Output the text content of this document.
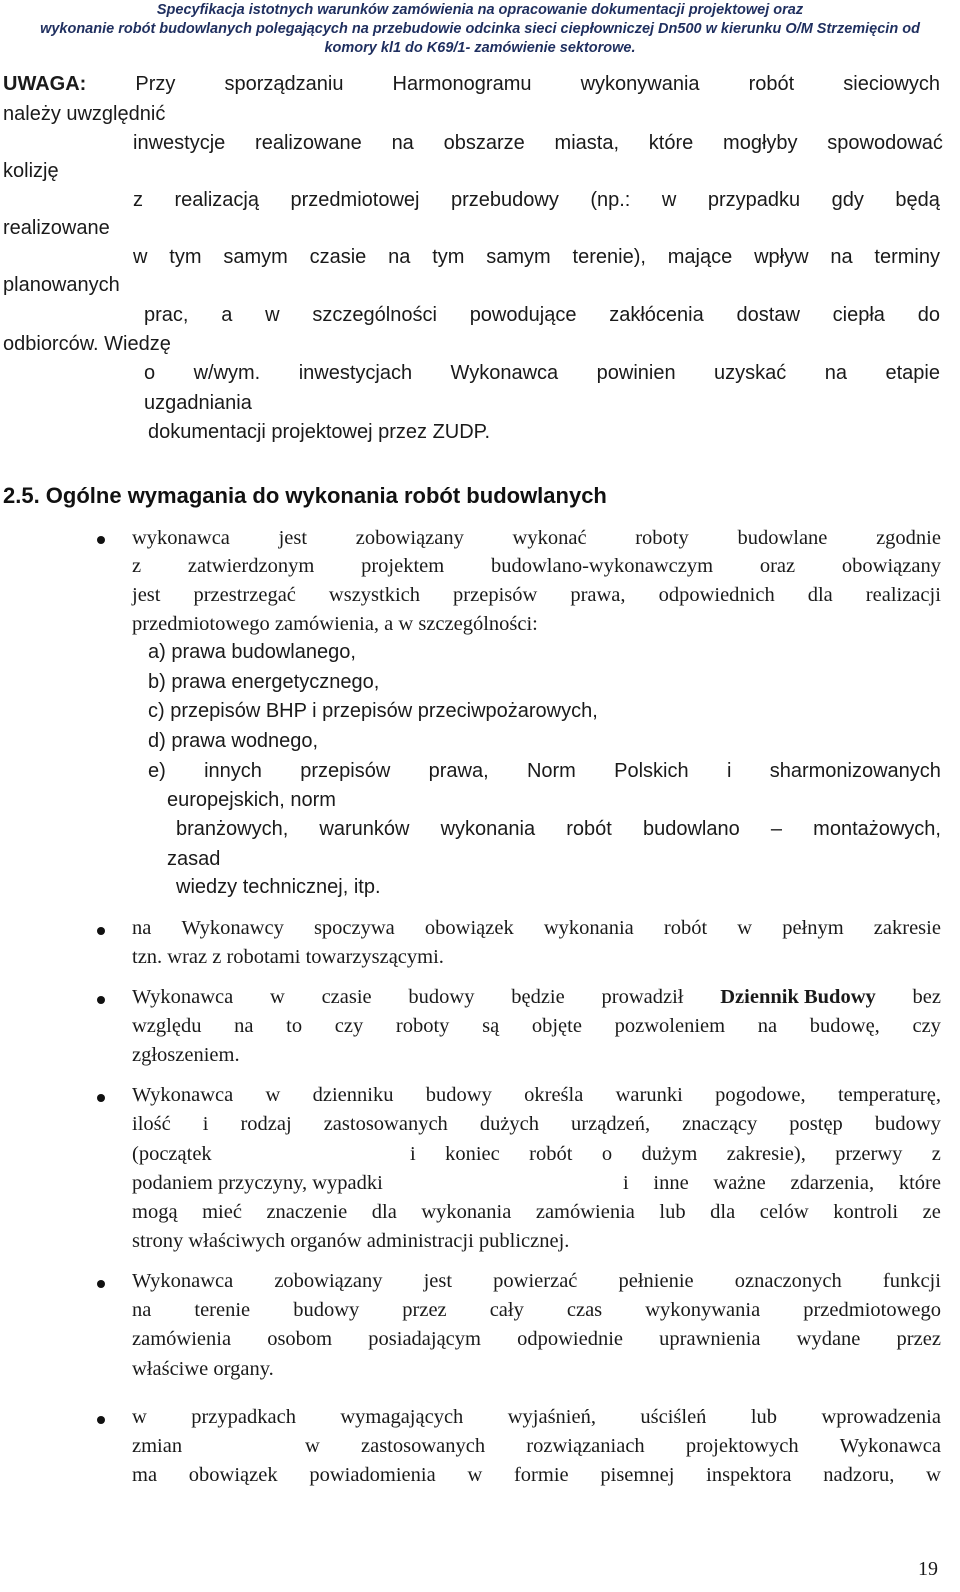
Specyfikacja istotnych warunków zamówienia na opracowanie dokumentacji projektowej oraz
wykonanie robót budowlanych polegających na przebudowie odcinka sieci ciepłowniczej Dn500 w kierunku O/M Strzemięcin od
komory kl1 do K69/1- zamówienie sektorowe.
UWAGA: Przy sporządzaniu Harmonogramu wykonywania robót sieciowych
należy uwzględnić
inwestycje realizowane na obszarze miasta, które mogłyby spowodować
kolizję
z realizacją przedmiotowej przebudowy (np.: w przypadku gdy będą
realizowane
w tym samym czasie na tym samym terenie), mające wpływ na terminy
planowanych
prac, a w szczególności powodujące zakłócenia dostaw ciepła do
odbiorców. Wiedzę
o w/wym. inwestycjach Wykonawca powinien uzyskać na etapie
uzgadniania
dokumentacji projektowej przez ZUDP.
2.5. Ogólne wymagania do wykonania robót budowlanych
wykonawca jest zobowiązany wykonać roboty budowlane zgodnie
z zatwierdzonym projektem budowlano-wykonawczym oraz obowiązany
jest przestrzegać wszystkich przepisów prawa, odpowiednich dla realizacji
przedmiotowego zamówienia, a w szczególności:
a) prawa budowlanego,
b) prawa energetycznego,
c) przepisów BHP i przepisów przeciwpożarowych,
d) prawa wodnego,
e) innych przepisów prawa, Norm Polskich i sharmonizowanych
europejskich, norm
branżowych, warunków wykonania robót budowlano – montażowych,
zasad
wiedzy technicznej, itp.
na Wykonawcy spoczywa obowiązek wykonania robót w pełnym zakresie
tzn. wraz z robotami towarzyszącymi.
Wykonawca w czasie budowy będzie prowadził Dziennik Budowy bez
względu na to czy roboty są objęte pozwoleniem na budowę, czy
zgłoszeniem.
Wykonawca w dzienniku budowy określa warunki pogodowe, temperaturę,
ilość i rodzaj zastosowanych dużych urządzeń, znaczący postęp budowy
(początek	i koniec robót o dużym zakresie), przerwy z
podaniem przyczyny, wypadki	i inne ważne zdarzenia, które
mogą mieć znaczenie dla wykonania zamówienia lub dla celów kontroli ze
strony właściwych organów administracji publicznej.
Wykonawca zobowiązany jest powierzać pełnienie oznaczonych funkcji
na terenie budowy przez cały czas wykonywania przedmiotowego
zamówienia osobom posiadającym odpowiednie uprawnienia wydane przez
właściwe organy.
w przypadkach wymagających wyjaśnień, uściśleń lub wprowadzenia
zmian	w zastosowanych rozwiązaniach projektowych Wykonawca
ma obowiązek powiadomienia w formie pisemnej inspektora nadzoru, w
19
